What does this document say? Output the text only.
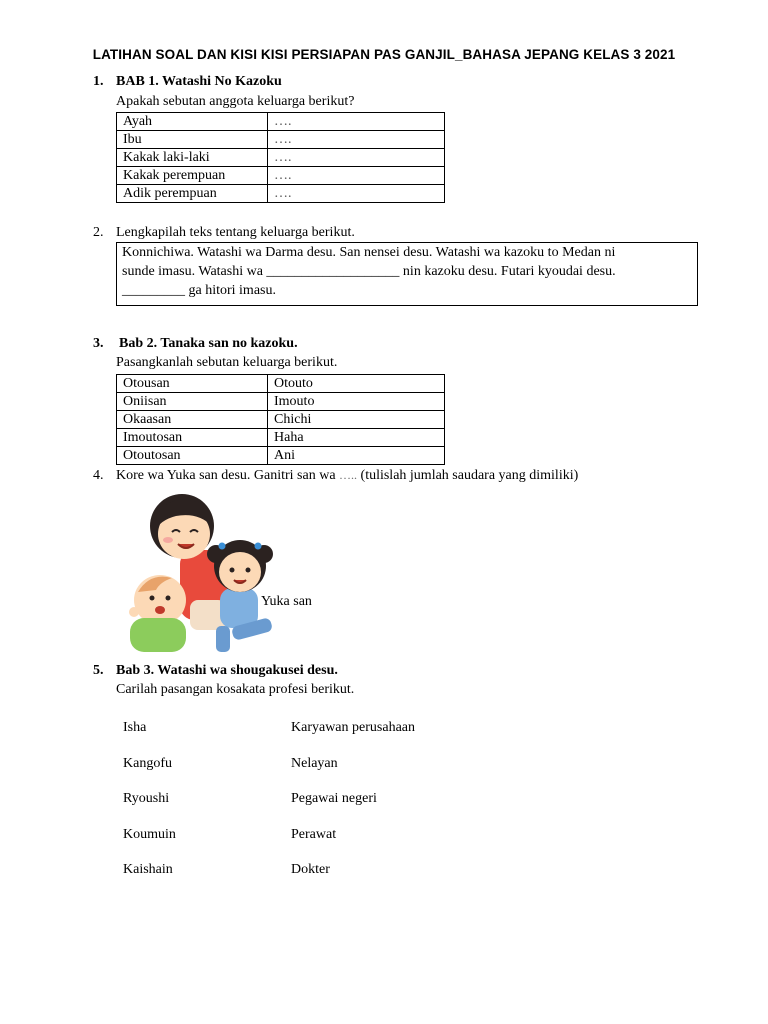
LATIHAN SOAL DAN KISI KISI PERSIAPAN PAS GANJIL_BAHASA JEPANG KELAS 3 2021
1. BAB 1. Watashi No Kazoku
Apakah sebutan anggota keluarga berikut?
Ayah	….
Ibu	….
Kakak laki-laki	….
Kakak perempuan	….
Adik perempuan	….
2. Lengkapilah teks tentang keluarga berikut.
Konnichiwa. Watashi wa Darma desu. San nensei desu. Watashi wa kazoku to Medan ni
sunde imasu. Watashi wa ___________________ nin kazoku desu. Futari kyoudai desu.
_________ ga hitori imasu.
3. Bab 2. Tanaka san no kazoku.
Pasangkanlah sebutan keluarga berikut.
Otousan	Otouto
Oniisan	Imouto
Okaasan	Chichi
Imoutosan	Haha
Otoutosan	Ani
4. Kore wa Yuka san desu. Ganitri san wa ….. (tulislah jumlah saudara yang dimiliki)
Yuka san
5. Bab 3. Watashi wa shougakusei desu.
Carilah pasangan kosakata profesi berikut.
Isha	Karyawan perusahaan
Kangofu	Nelayan
Ryoushi	Pegawai negeri
Koumuin	Perawat
Kaishain	Dokter
